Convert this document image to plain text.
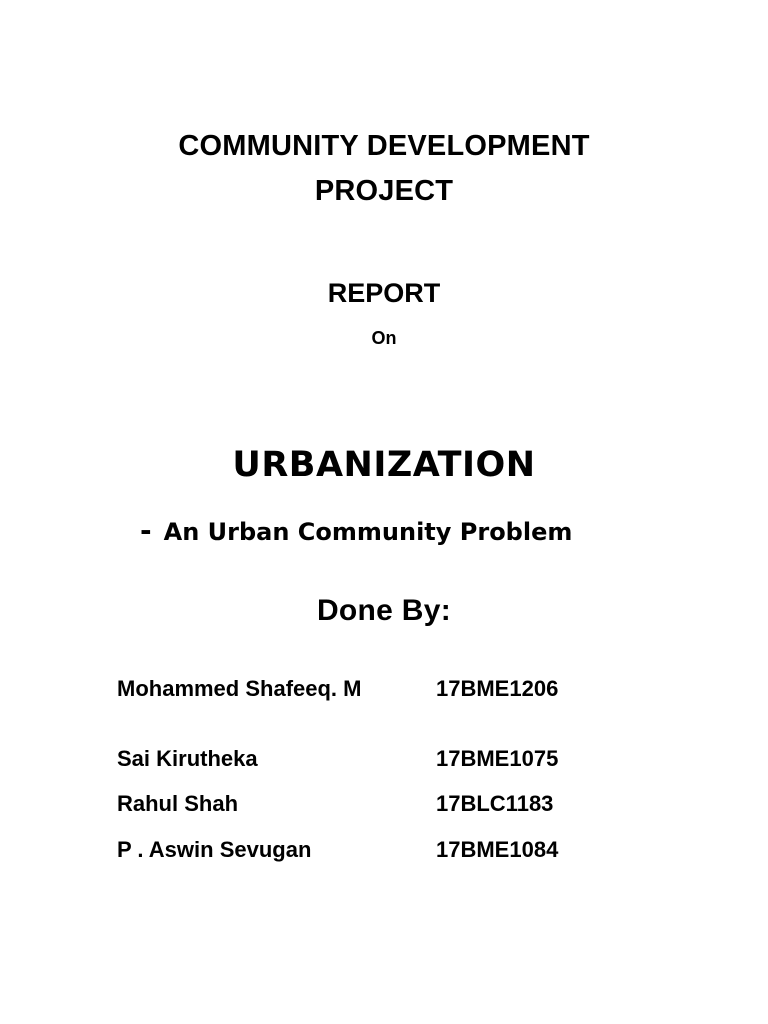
COMMUNITY DEVELOPMENT
PROJECT
REPORT
On
URBANIZATION
- An Urban Community Problem
Done By:
Mohammed Shafeeq. M	17BME1206
Sai Kirutheka	17BME1075
Rahul Shah	17BLC1183
P . Aswin Sevugan	17BME1084
